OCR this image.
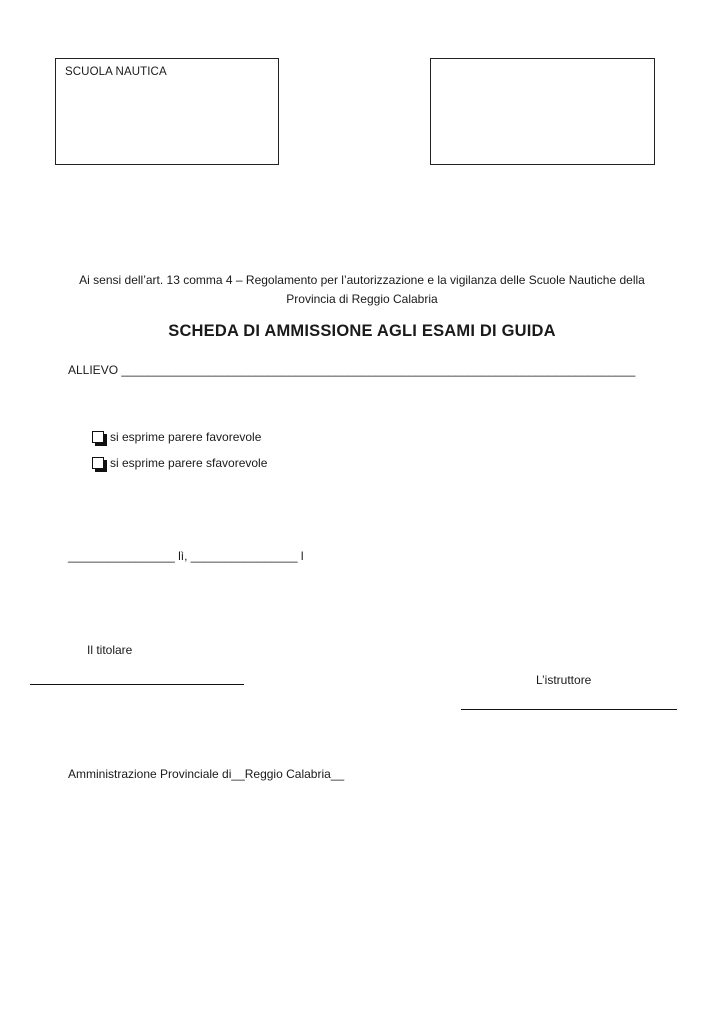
SCUOLA NAUTICA
Ai sensi dell’art. 13 comma 4 – Regolamento per l’autorizzazione e la vigilanza delle Scuole Nautiche della Provincia di Reggio Calabria
SCHEDA DI AMMISSIONE AGLI ESAMI DI GUIDA
ALLIEVO _____________________________________________________________________________
si esprime parere favorevole
si esprime parere sfavorevole
________________ lì, ________________ l
Il titolare
L’istruttore
Amministrazione Provinciale di__Reggio Calabria__
